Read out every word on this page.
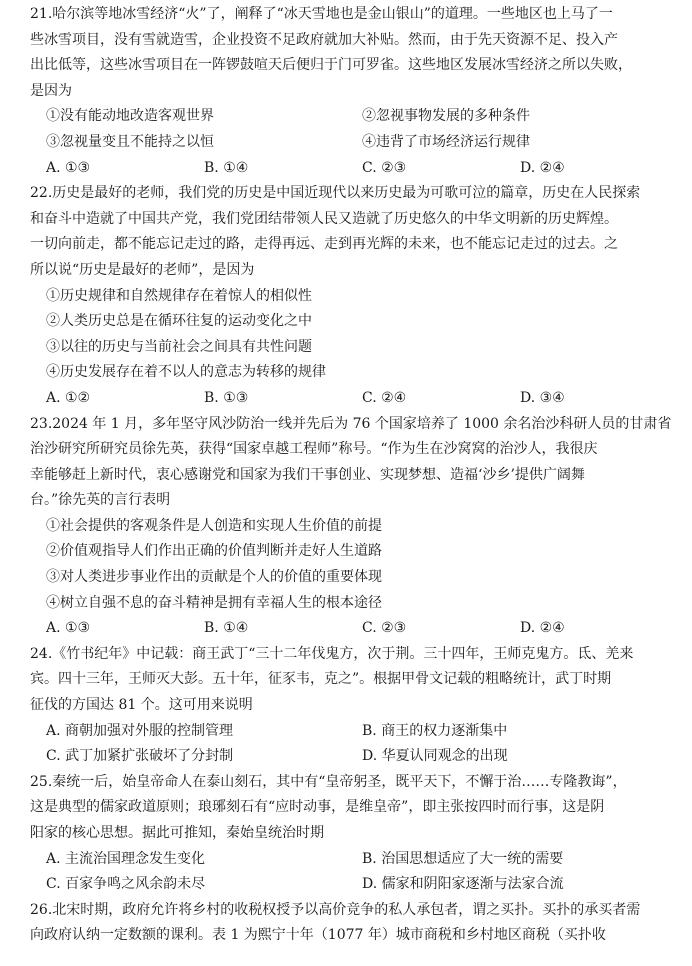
21.哈尔滨等地冰雪经济“火”了，阐释了“冰天雪地也是金山银山”的道理。一些地区也上马了一

些冰雪项目，没有雪就造雪，企业投资不足政府就加大补贴。然而，由于先天资源不足、投入产

出比低等，这些冰雪项目在一阵锣鼓喧天后便归于门可罗雀。这些地区发展冰雪经济之所以失败，

是因为

①没有能动地改造客观世界	②忽视事物发展的多种条件
③忽视量变且不能持之以恒	④违背了市场经济运行规律
A. ①③	B. ①④	C. ②③	D. ②④

22.历史是最好的老师，我们党的历史是中国近现代以来历史最为可歌可泣的篇章，历史在人民探索

和奋斗中造就了中国共产党，我们党团结带领人民又造就了历史悠久的中华文明新的历史辉煌。

一切向前走，都不能忘记走过的路，走得再远、走到再光辉的未来，也不能忘记走过的过去。之

所以说“历史是最好的老师”，是因为

①历史规律和自然规律存在着惊人的相似性

②人类历史总是在循环往复的运动变化之中

③以往的历史与当前社会之间具有共性问题

④历史发展存在着不以人的意志为转移的规律

A. ①②	B. ①③	C. ②④	D. ③④

23.2024 年 1 月，多年坚守风沙防治一线并先后为 76 个国家培养了 1000 余名治沙科研人员的甘肃省

治沙研究所研究员徐先英，获得“国家卓越工程师”称号。“作为生在沙窝窝的治沙人，我很庆

幸能够赶上新时代，衷心感谢党和国家为我们干事创业、实现梦想、造福‘沙乡’提供广阔舞

台。”徐先英的言行表明

①社会提供的客观条件是人创造和实现人生价值的前提

②价值观指导人们作出正确的价值判断并走好人生道路

③对人类进步事业作出的贡献是个人的价值的重要体现

④树立自强不息的奋斗精神是拥有幸福人生的根本途径

A. ①③	B. ①④	C. ②③	D. ②④

24.《竹书纪年》中记载：商王武丁“三十二年伐鬼方，次于荆。三十四年，王师克鬼方。氐、羌来

宾。四十三年，王师灭大彭。五十年，征豕韦，克之”。根据甲骨文记载的粗略统计，武丁时期

征伐的方国达 81 个。这可用来说明

A. 商朝加强对外服的控制管理	B. 商王的权力逐渐集中
C. 武丁加紧扩张破坏了分封制	D. 华夏认同观念的出现

25.秦统一后，始皇帝命人在泰山刻石，其中有“皇帝躬圣，既平天下，不懈于治……专隆教诲”，

这是典型的儒家政道原则；琅琊刻石有“应时动事，是维皇帝”，即主张按四时而行事，这是阴

阳家的核心思想。据此可推知，秦始皇统治时期

A. 主流治国理念发生变化	B. 治国思想适应了大一统的需要
C. 百家争鸣之风余韵未尽	D. 儒家和阴阳家逐渐与法家合流

26.北宋时期，政府允许将乡村的收税权授予以高价竞争的私人承包者，谓之买扑。买扑的承买者需

向政府认纳一定数额的课利。表 1 为熙宁十年（1077 年）城市商税和乡村地区商税（买扑收
